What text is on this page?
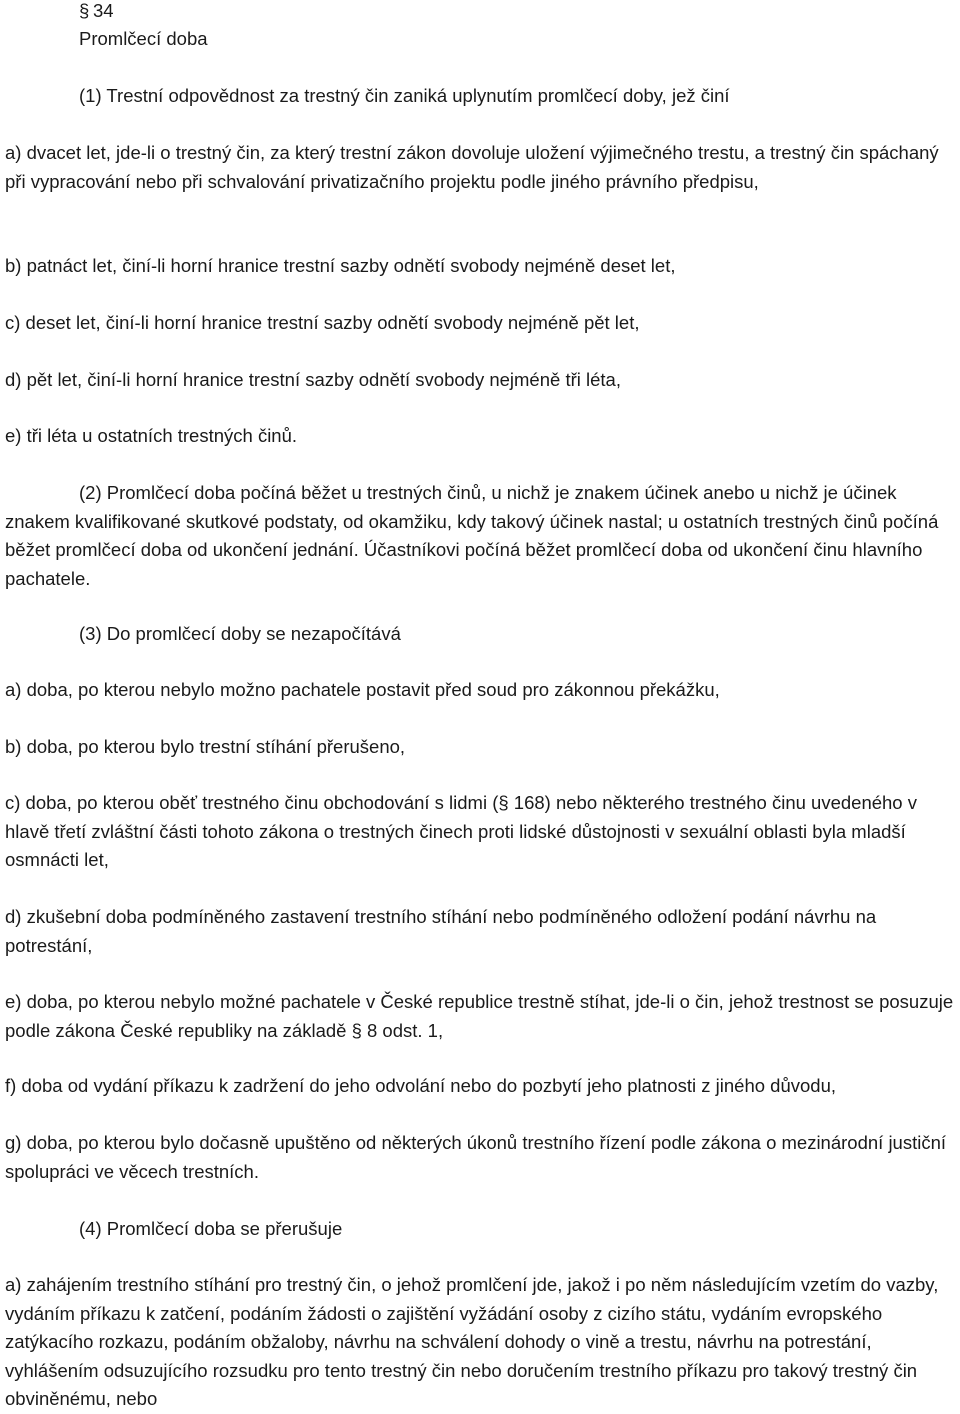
§ 34
Promlčecí doba
(1) Trestní odpovědnost za trestný čin zaniká uplynutím promlčecí doby, jež činí
a) dvacet let, jde-li o trestný čin, za který trestní zákon dovoluje uložení výjimečného trestu, a trestný čin spáchaný při vypracování nebo při schvalování privatizačního projektu podle jiného právního předpisu,
b) patnáct let, činí-li horní hranice trestní sazby odnětí svobody nejméně deset let,
c) deset let, činí-li horní hranice trestní sazby odnětí svobody nejméně pět let,
d) pět let, činí-li horní hranice trestní sazby odnětí svobody nejméně tři léta,
e) tři léta u ostatních trestných činů.
(2) Promlčecí doba počíná běžet u trestných činů, u nichž je znakem účinek anebo u nichž je účinek znakem kvalifikované skutkové podstaty, od okamžiku, kdy takový účinek nastal; u ostatních trestných činů počíná běžet promlčecí doba od ukončení jednání. Účastníkovi počíná běžet promlčecí doba od ukončení činu hlavního pachatele.
(3) Do promlčecí doby se nezapočítává
a) doba, po kterou nebylo možno pachatele postavit před soud pro zákonnou překážku,
b) doba, po kterou bylo trestní stíhání přerušeno,
c) doba, po kterou oběť trestného činu obchodování s lidmi (§ 168) nebo některého trestného činu uvedeného v hlavě třetí zvláštní části tohoto zákona o trestných činech proti lidské důstojnosti v sexuální oblasti byla mladší osmnácti let,
d) zkušební doba podmíněného zastavení trestního stíhání nebo podmíněného odložení podání návrhu na potrestání,
e) doba, po kterou nebylo možné pachatele v České republice trestně stíhat, jde-li o čin, jehož trestnost se posuzuje podle zákona České republiky na základě § 8 odst. 1,
f) doba od vydání příkazu k zadržení do jeho odvolání nebo do pozbytí jeho platnosti z jiného důvodu,
g) doba, po kterou bylo dočasně upuštěno od některých úkonů trestního řízení podle zákona o mezinárodní justiční spolupráci ve věcech trestních.
(4) Promlčecí doba se přerušuje
a) zahájením trestního stíhání pro trestný čin, o jehož promlčení jde, jakož i po něm následujícím vzetím do vazby, vydáním příkazu k zatčení, podáním žádosti o zajištění vyžádání osoby z cizího státu, vydáním evropského zatýkacího rozkazu, podáním obžaloby, návrhu na schválení dohody o vině a trestu, návrhu na potrestání, vyhlášením odsuzujícího rozsudku pro tento trestný čin nebo doručením trestního příkazu pro takový trestný čin obviněnému, nebo
